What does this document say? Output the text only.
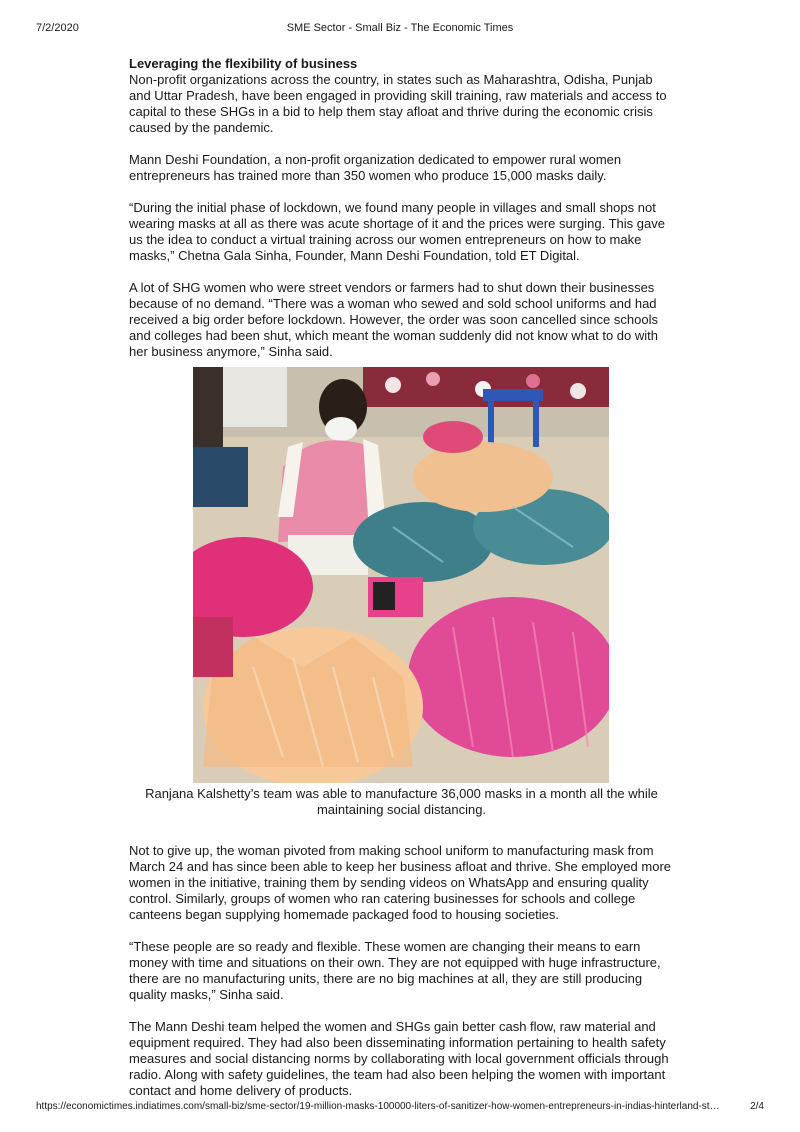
7/2/2020	SME Sector - Small Biz - The Economic Times

Leveraging the flexibility of business

Non-profit organizations across the country, in states such as Maharashtra, Odisha, Punjab and Uttar Pradesh, have been engaged in providing skill training, raw materials and access to capital to these SHGs in a bid to help them stay afloat and thrive during the economic crisis caused by the pandemic.

Mann Deshi Foundation, a non-profit organization dedicated to empower rural women entrepreneurs has trained more than 350 women who produce 15,000 masks daily.

“During the initial phase of lockdown, we found many people in villages and small shops not wearing masks at all as there was acute shortage of it and the prices were surging. This gave us the idea to conduct a virtual training across our women entrepreneurs on how to make masks,” Chetna Gala Sinha, Founder, Mann Deshi Foundation, told ET Digital.

A lot of SHG women who were street vendors or farmers had to shut down their businesses because of no demand. “There was a woman who sewed and sold school uniforms and had received a big order before lockdown. However, the order was soon cancelled since schools and colleges had been shut, which meant the woman suddenly did not know what to do with her business anymore,” Sinha said.

Ranjana Kalshetty’s team was able to manufacture 36,000 masks in a month all the while maintaining social distancing.

Not to give up, the woman pivoted from making school uniform to manufacturing mask from March 24 and has since been able to keep her business afloat and thrive. She employed more women in the initiative, training them by sending videos on WhatsApp and ensuring quality control. Similarly, groups of women who ran catering businesses for schools and college canteens began supplying homemade packaged food to housing societies.

“These people are so ready and flexible. These women are changing their means to earn money with time and situations on their own. They are not equipped with huge infrastructure, there are no manufacturing units, there are no big machines at all, they are still producing quality masks,” Sinha said.

The Mann Deshi team helped the women and SHGs gain better cash flow, raw material and equipment required. They had also been disseminating information pertaining to health safety measures and social distancing norms by collaborating with local government officials through radio. Along with safety guidelines, the team had also been helping the women with important contact and home delivery of products.

https://economictimes.indiatimes.com/small-biz/sme-sector/19-million-masks-100000-liters-of-sanitizer-how-women-entrepreneurs-in-indias-hinterland-st…	2/4
